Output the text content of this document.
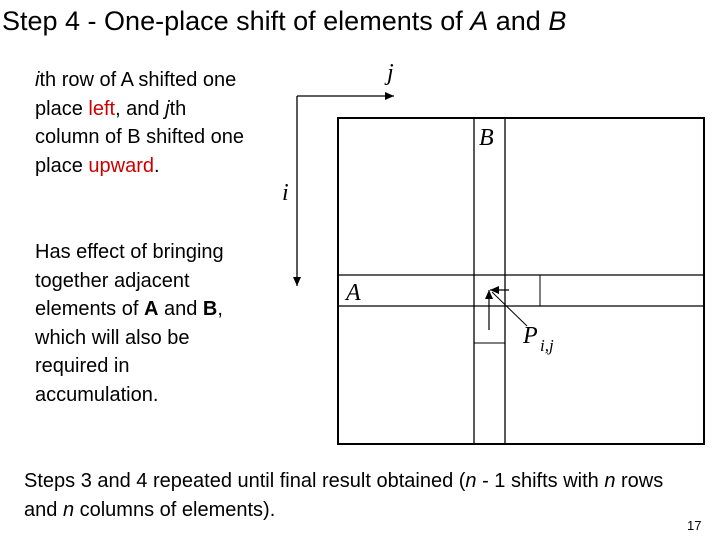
Step 4 - One-place shift of elements of A and B
ith row of A shifted one place left, and jth column of B shifted one place upward.
Has effect of bringing together adjacent elements of A and B, which will also be required in accumulation.
j
i
B
A
P i,j
Steps 3 and 4 repeated until final result obtained (n - 1 shifts with n rows and n columns of elements).
17
